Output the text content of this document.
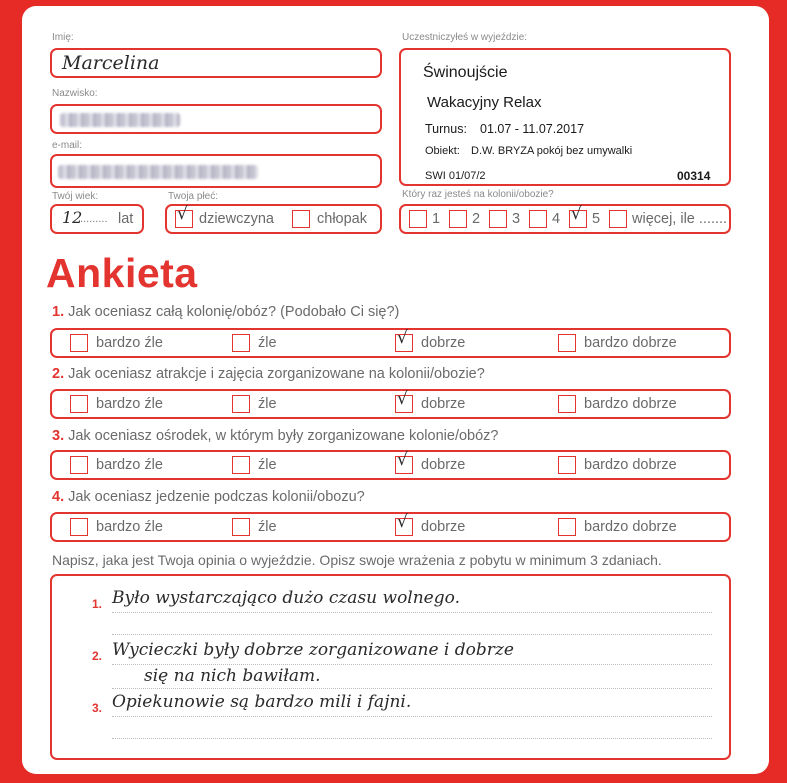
Imię:
Marcelina
Nazwisko:
e-mail:
Twój wiek:
12
......... lat
Twoja płeć:
√ dziewczyna	chłopak
Uczestniczyłeś w wyjeździe:
Świnoujście
Wakacyjny Relax
Turnus: 01.07 - 11.07.2017
Obiekt: D.W. BRYZA pokój bez umywalki
SWI 01/07/2	00314
Który raz jesteś na kolonii/obozie?
1 2 3 4 √ 5 więcej, ile .......
Ankieta
1. Jak oceniasz całą kolonię/obóz? (Podobało Ci się?)
bardzo źle	źle	√ dobrze	bardzo dobrze
2. Jak oceniasz atrakcje i zajęcia zorganizowane na kolonii/obozie?
bardzo źle	źle	√ dobrze	bardzo dobrze
3. Jak oceniasz ośrodek, w którym były zorganizowane kolonie/obóz?
bardzo źle	źle	√ dobrze	bardzo dobrze
4. Jak oceniasz jedzenie podczas kolonii/obozu?
bardzo źle	źle	√ dobrze	bardzo dobrze
Napisz, jaka jest Twoja opinia o wyjeździe. Opisz swoje wrażenia z pobytu w minimum 3 zdaniach.
1. Było wystarczająco dużo czasu wolnego.
2. Wycieczki były dobrze zorganizowane i dobrze
się na nich bawiłam.
3. Opiekunowie są bardzo mili i fajni.
